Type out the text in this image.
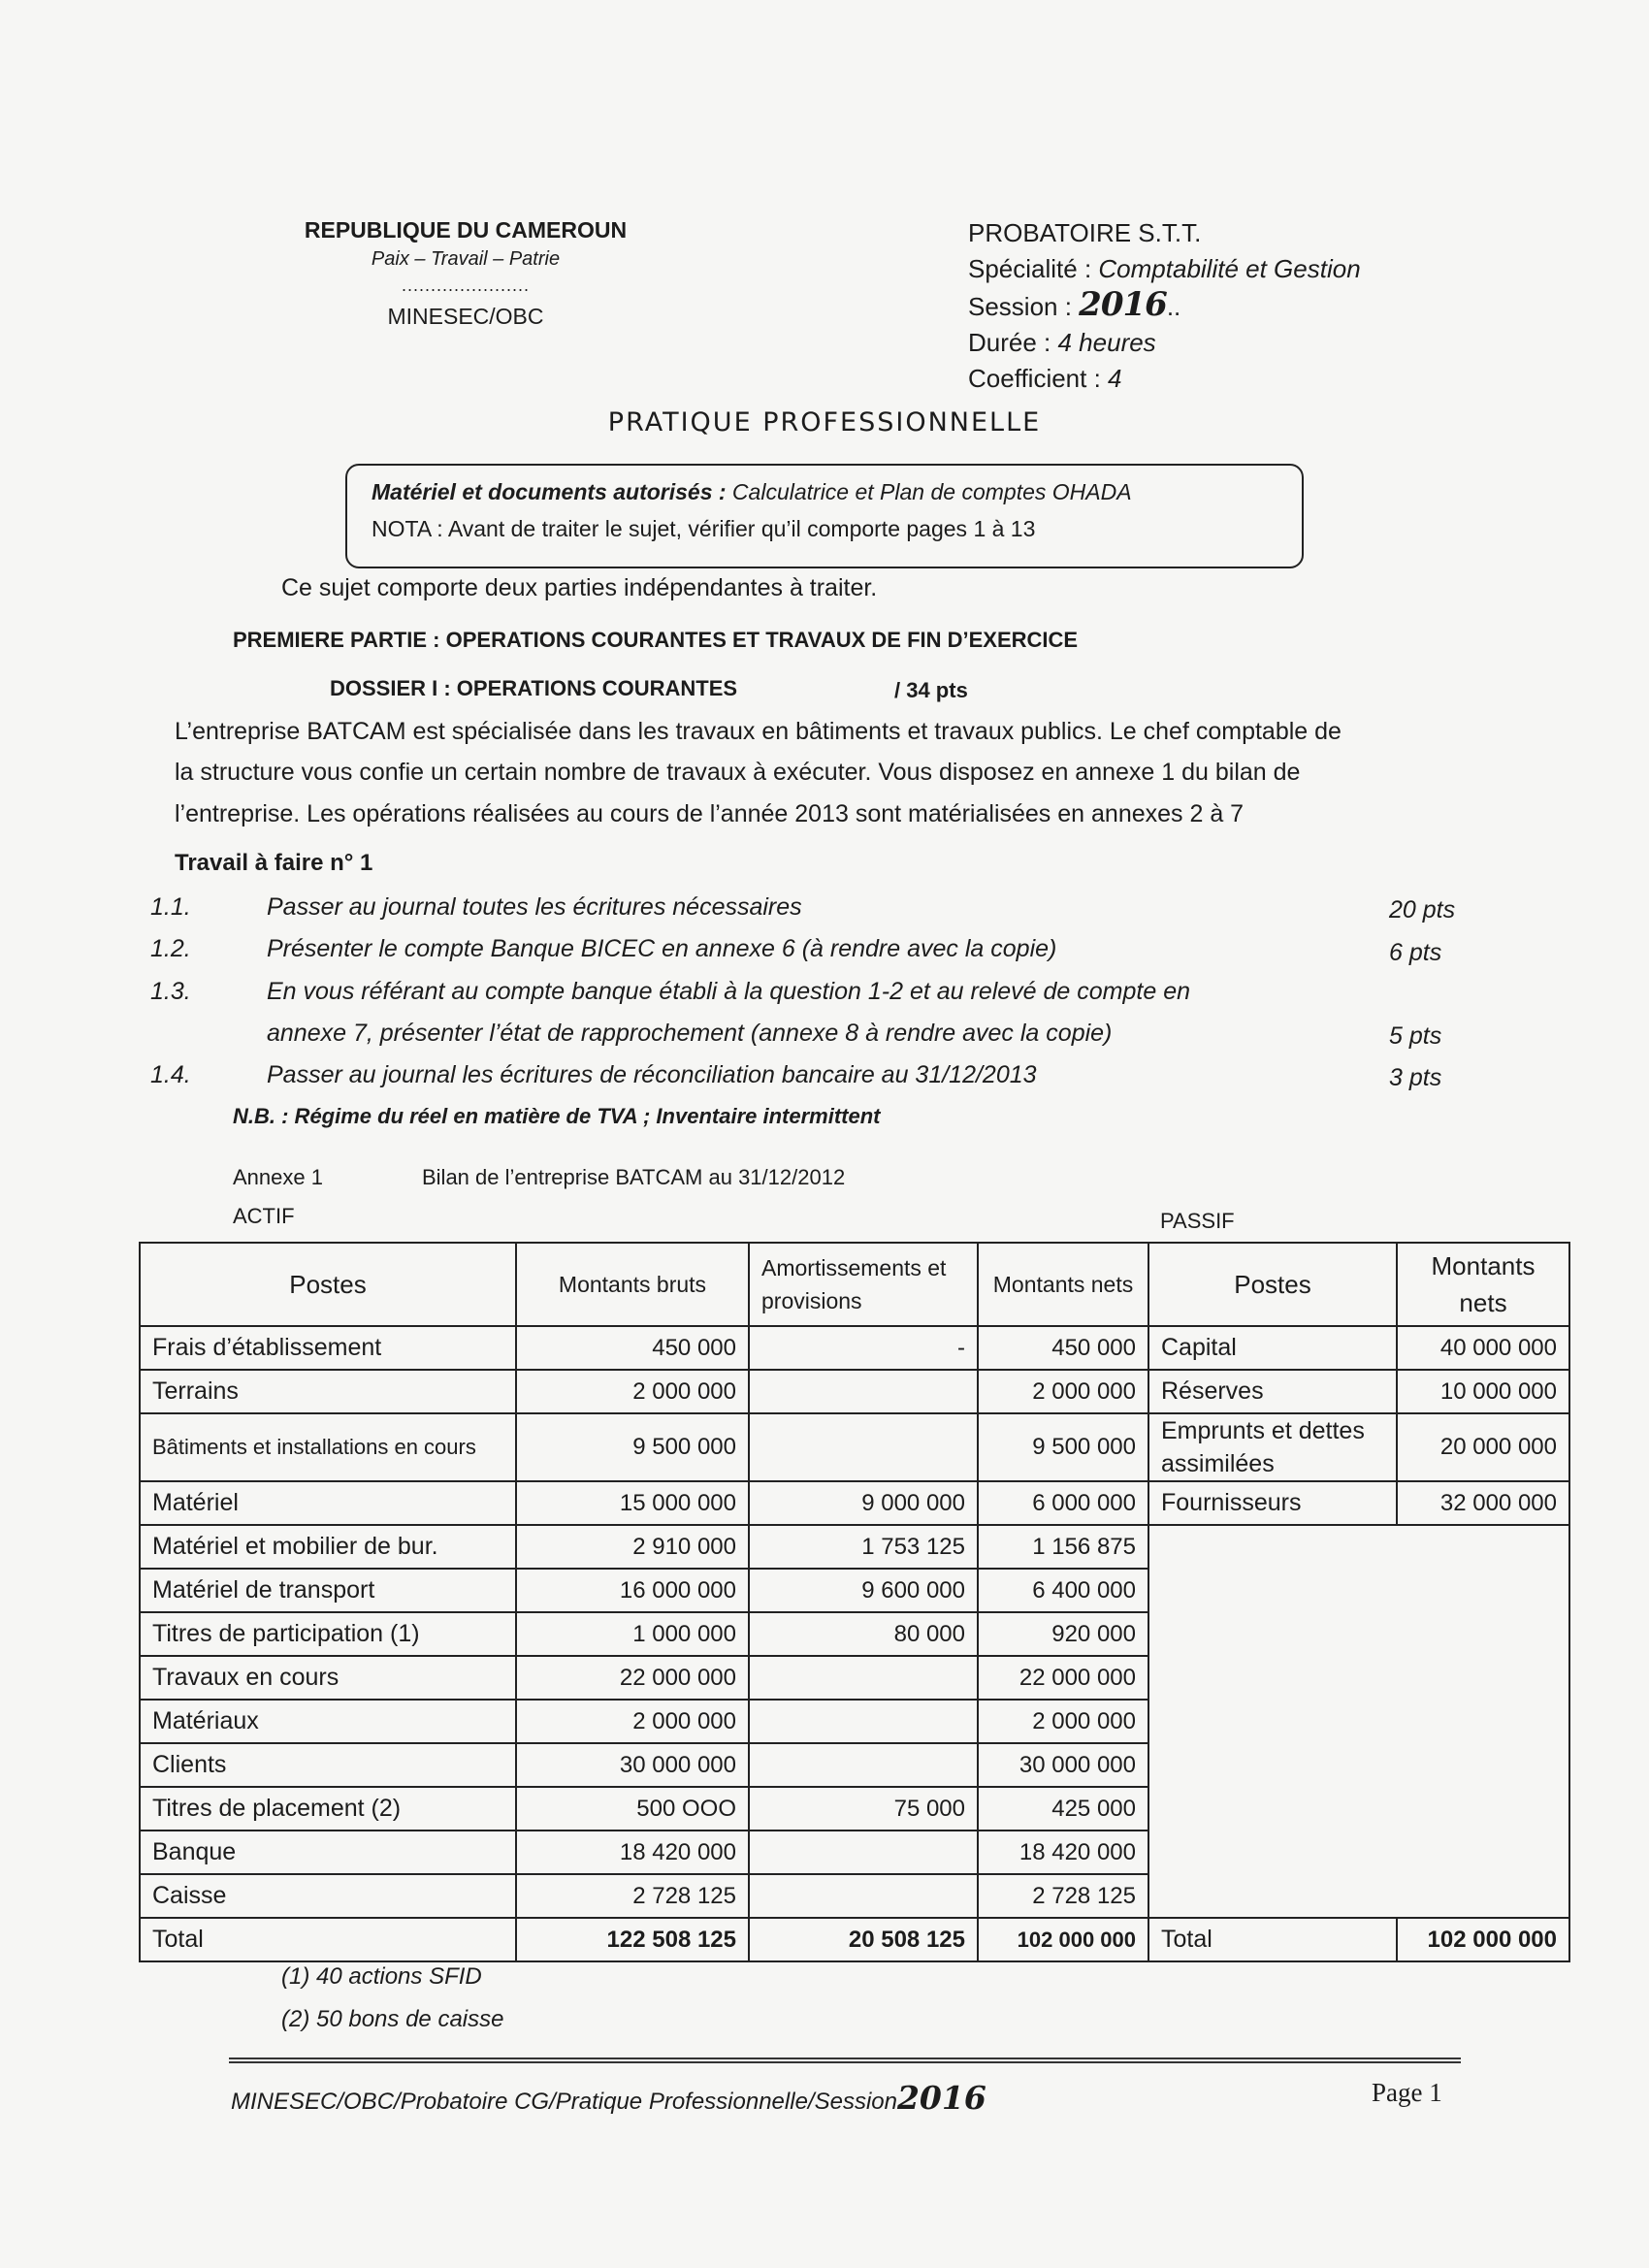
REPUBLIQUE DU CAMEROUN
Paix – Travail – Patrie
......................
MINESEC/OBC
PROBATOIRE S.T.T.
Spécialité : Comptabilité et Gestion
Session : 2016..
Durée : 4 heures
Coefficient : 4
PRATIQUE PROFESSIONNELLE
Matériel et documents autorisés : Calculatrice et Plan de comptes OHADA
NOTA : Avant de traiter le sujet, vérifier qu’il comporte pages 1 à 13
Ce sujet comporte deux parties indépendantes à traiter.
PREMIERE PARTIE : OPERATIONS COURANTES ET TRAVAUX DE FIN D’EXERCICE
DOSSIER I : OPERATIONS COURANTES	/ 34 pts
L’entreprise BATCAM est spécialisée dans les travaux en bâtiments et travaux publics. Le chef comptable de
la structure vous confie un certain nombre de travaux à exécuter. Vous disposez en annexe 1 du bilan de
l’entreprise. Les opérations réalisées au cours de l’année 2013 sont matérialisées en annexes 2 à 7
Travail à faire n° 1
1.1.	Passer au journal toutes les écritures nécessaires	20 pts
1.2.	Présenter le compte Banque BICEC en annexe 6 (à rendre avec la copie)	6 pts
1.3.	En vous référant au compte banque établi à la question 1-2 et au relevé de compte en
annexe 7, présenter l’état de rapprochement (annexe 8 à rendre avec la copie)	5 pts
1.4.	Passer au journal les écritures de réconciliation bancaire au 31/12/2013	3 pts
N.B. : Régime du réel en matière de TVA ; Inventaire intermittent
Annexe 1	Bilan de l’entreprise BATCAM au 31/12/2012
ACTIF	PASSIF
Postes	Montants bruts	Amortissements et provisions	Montants nets	Postes	Montants nets
Frais d’établissement	450 000	-	450 000	Capital	40 000 000
Terrains	2 000 000		2 000 000	Réserves	10 000 000
Bâtiments et installations en cours	9 500 000		9 500 000	Emprunts et dettes assimilées	20 000 000
Matériel	15 000 000	9 000 000	6 000 000	Fournisseurs	32 000 000
Matériel et mobilier de bur.	2 910 000	1 753 125	1 156 875		
Matériel de transport	16 000 000	9 600 000	6 400 000		
Titres de participation (1)	1 000 000	80 000	920 000		
Travaux en cours	22 000 000		22 000 000		
Matériaux	2 000 000		2 000 000		
Clients	30 000 000		30 000 000		
Titres de placement (2)	500 OOO	75 000	425 000		
Banque	18 420 000		18 420 000		
Caisse	2 728 125		2 728 125		
Total	122 508 125	20 508 125	102 000 000	Total	102 000 000
(1) 40 actions SFID
(2) 50 bons de caisse
MINESEC/OBC/Probatoire CG/Pratique Professionnelle/Session2016	Page 1
